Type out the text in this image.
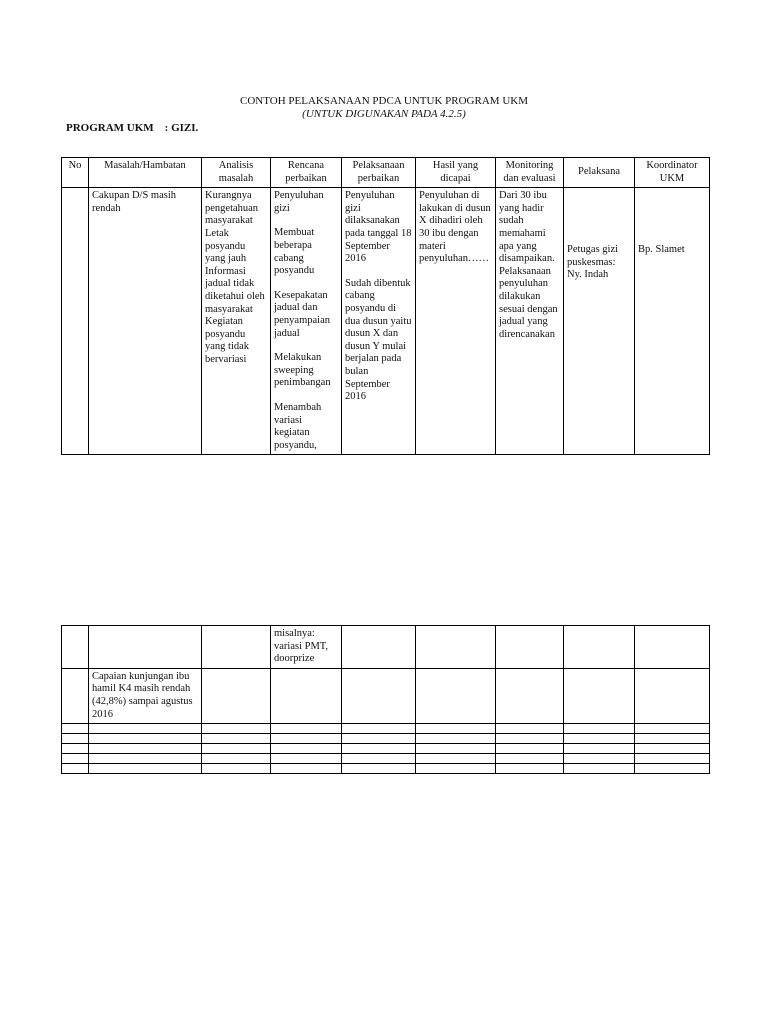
CONTOH PELAKSANAAN PDCA UNTUK PROGRAM UKM
(UNTUK DIGUNAKAN PADA 4.2.5)
PROGRAM UKM    : GIZI.
No	Masalah/Hambatan	Analisis masalah	Rencana perbaikan	Pelaksanaan perbaikan	Hasil yang dicapai	Monitoring dan evaluasi	Pelaksana	Koordinator UKM
	Cakupan D/S masih rendah	Kurangnya pengetahuan masyarakat
Letak posyandu yang jauh
Informasi jadual tidak diketahui oleh masyarakat
Kegiatan posyandu yang tidak bervariasi	Penyuluhan gizi
Membuat beberapa cabang posyandu
Kesepakatan jadual dan penyampaian jadual
Melakukan sweeping penimbangan
Menambah variasi kegiatan posyandu,	Penyuluhan gizi dilaksanakan pada tanggal 18 September 2016
Sudah dibentuk cabang posyandu di dua dusun yaitu dusun X dan dusun Y mulai berjalan pada bulan September 2016	Penyuluhan di lakukan di dusun X dihadiri oleh 30 ibu dengan materi penyuluhan……	Dari 30 ibu yang hadir sudah memahami apa yang disampaikan.
Pelaksanaan penyuluhan dilakukan sesuai dengan jadual yang direncanakan	Petugas gizi puskesmas: Ny. Indah	Bp. Slamet
			misalnya: variasi PMT, doorprize					
	Capaian kunjungan ibu hamil K4 masih rendah (42,8%) sampai agustus 2016							
